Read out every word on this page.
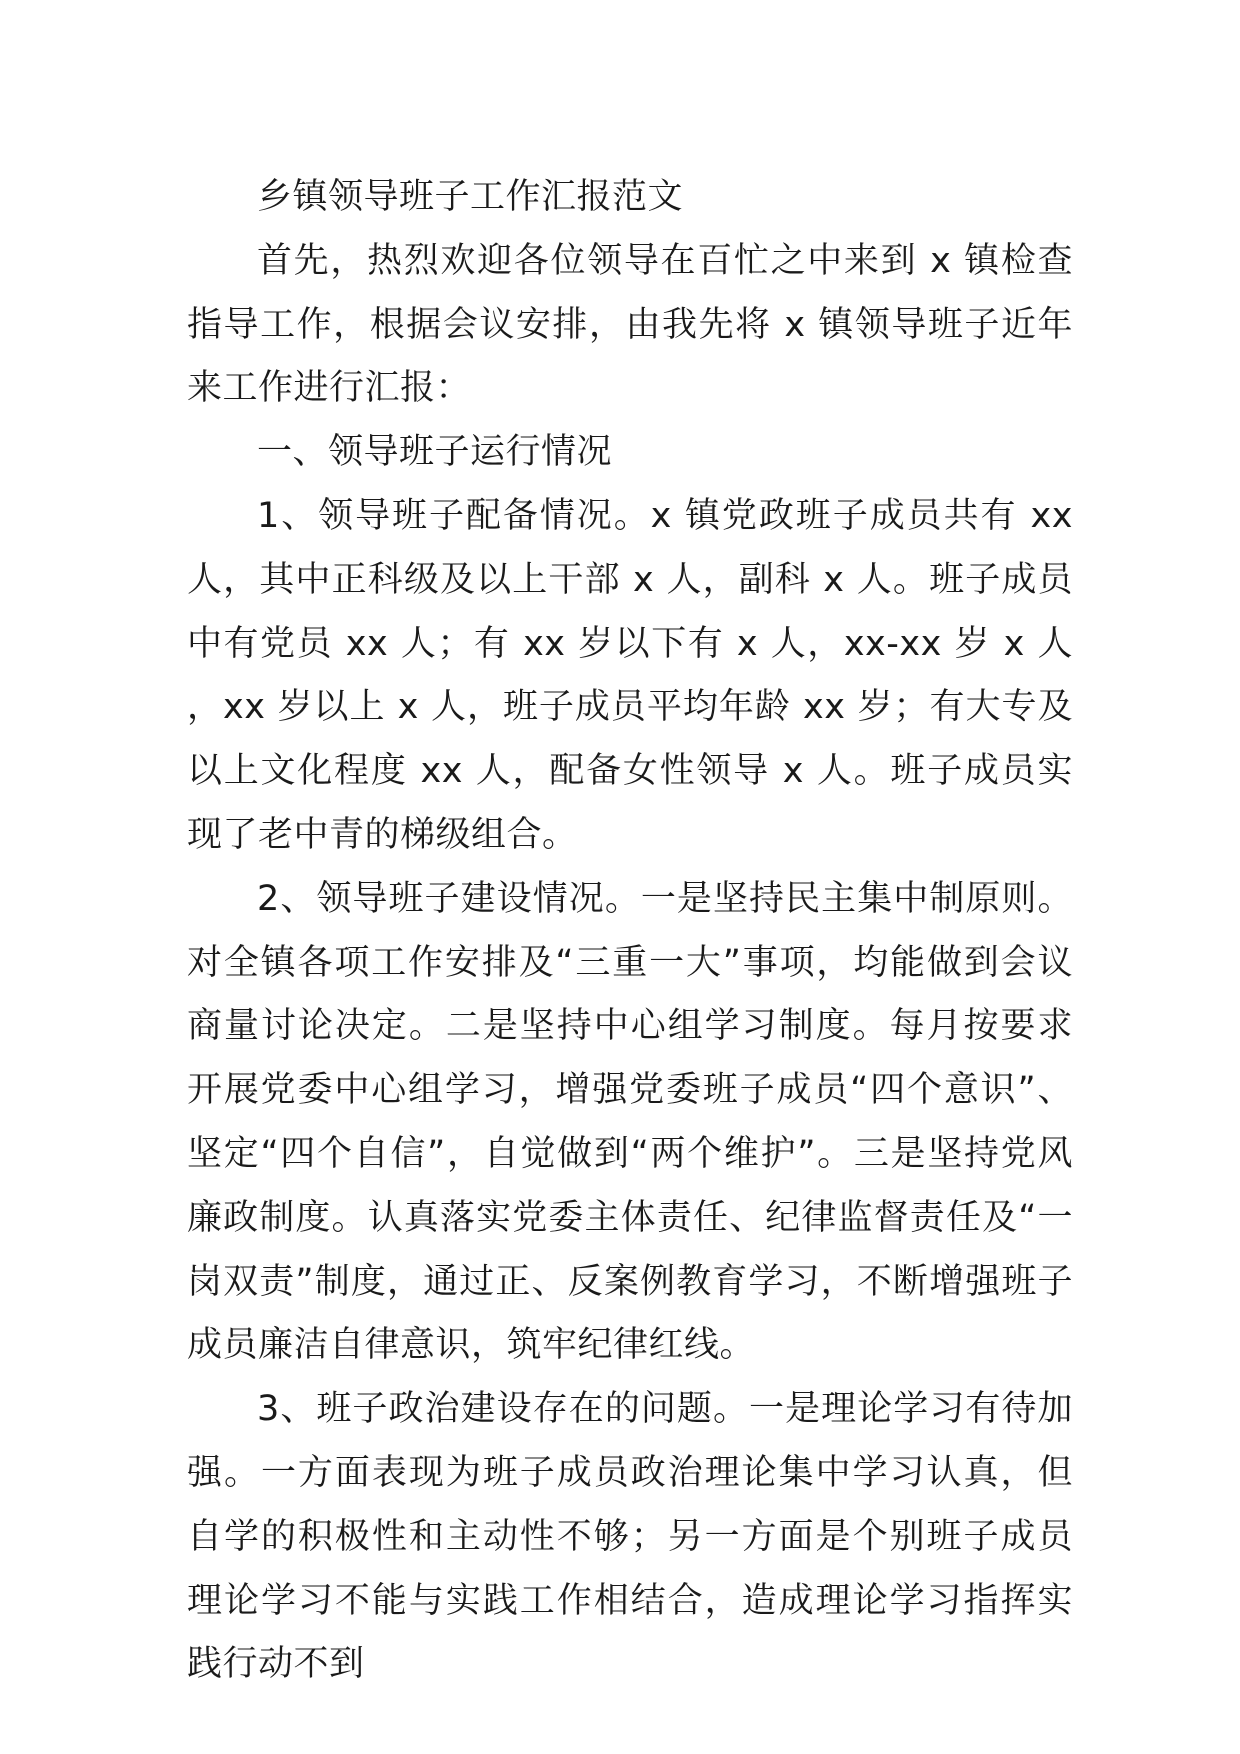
乡镇领导班子工作汇报范文

首先，热烈欢迎各位领导在百忙之中来到 x 镇检查指导工作，根据会议安排，由我先将 x 镇领导班子近年来工作进行汇报：

一、领导班子运行情况

1、领导班子配备情况。x 镇党政班子成员共有 xx 人，其中正科级及以上干部 x 人，副科 x 人。班子成员中有党员 xx 人；有 xx 岁以下有 x 人，xx-xx 岁 x 人，xx 岁以上 x 人，班子成员平均年龄 xx 岁；有大专及以上文化程度 xx 人，配备女性领导 x 人。班子成员实现了老中青的梯级组合。

2、领导班子建设情况。一是坚持民主集中制原则。对全镇各项工作安排及“三重一大”事项，均能做到会议商量讨论决定。二是坚持中心组学习制度。每月按要求开展党委中心组学习，增强党委班子成员“四个意识”、坚定“四个自信”，自觉做到“两个维护”。三是坚持党风廉政制度。认真落实党委主体责任、纪律监督责任及“一岗双责”制度，通过正、反案例教育学习，不断增强班子成员廉洁自律意识，筑牢纪律红线。

3、班子政治建设存在的问题。一是理论学习有待加强。一方面表现为班子成员政治理论集中学习认真，但自学的积极性和主动性不够；另一方面是个别班子成员理论学习不能与实践工作相结合，造成理论学习指挥实践行动不到
